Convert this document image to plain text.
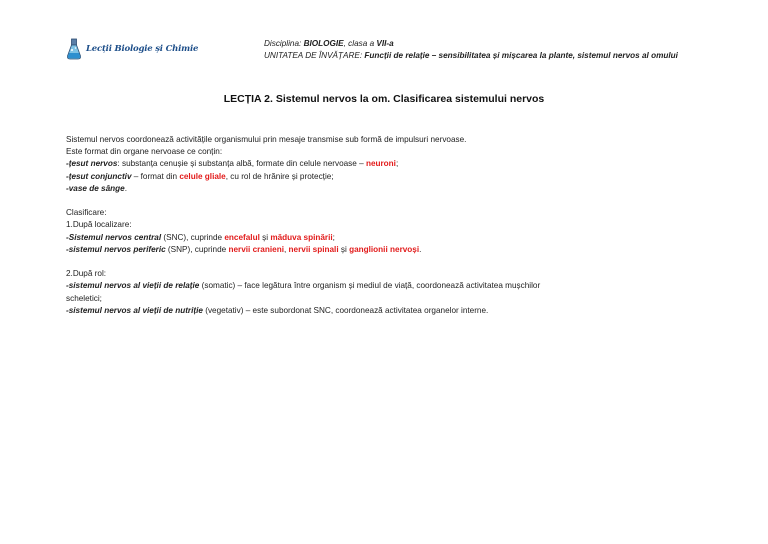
Lecții Biologie și Chimie
Disciplina: BIOLOGIE, clasa a VII-a
UNITATEA DE ÎNVĂȚARE: Funcții de relație – sensibilitatea și mișcarea la plante, sistemul nervos al omului
LECȚIA 2. Sistemul nervos la om. Clasificarea sistemului nervos

Sistemul nervos coordonează activitățile organismului prin mesaje transmise sub formă de impulsuri nervoase.

Este format din organe nervoase ce conțin:

-țesut nervos: substanța cenușie și substanța albă, formate din celule nervoase – neuroni;

-țesut conjunctiv – format din celule gliale, cu rol de hrănire și protecție;

-vase de sânge.

Clasificare:

1.După localizare:

-Sistemul nervos central (SNC), cuprinde encefalul și măduva spinării;

-sistemul nervos periferic (SNP), cuprinde nervii cranieni, nervii spinali și ganglionii nervoși.

2.După rol:

-sistemul nervos al vieții de relație (somatic) – face legătura între organism și mediul de viață, coordonează activitatea mușchilor

scheletici;

-sistemul nervos al vieții de nutriție (vegetativ) – este subordonat SNC, coordonează activitatea organelor interne.
